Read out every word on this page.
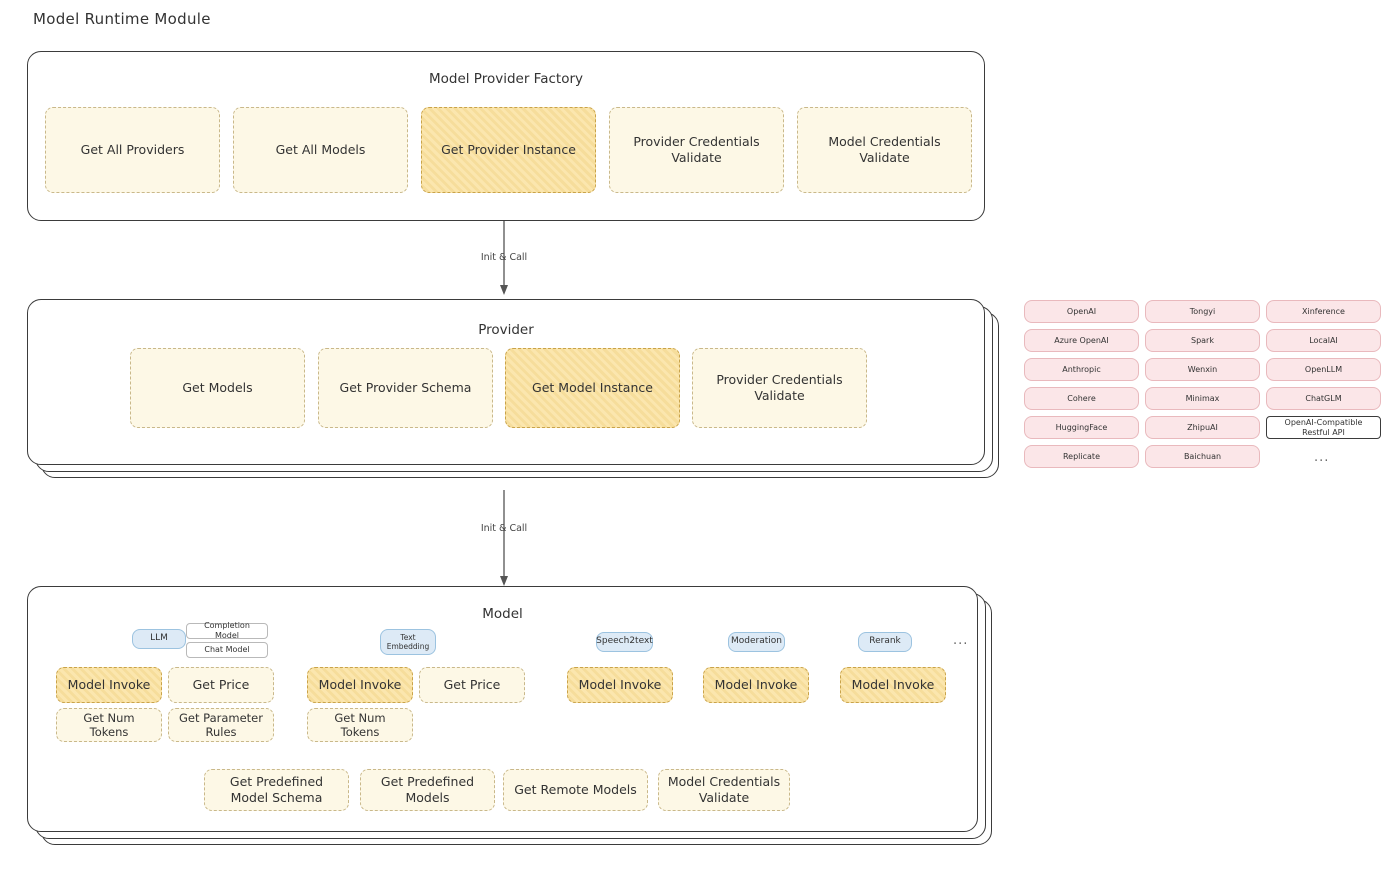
Model Runtime Module
Model Provider Factory
Get All Providers	Get All Models	Get Provider Instance
Provider Credentials Validate
Model Credentials Validate
Init & Call
Provider
Get Models	Get Provider Schema	Get Model Instance
Provider Credentials Validate
OpenAI
Azure OpenAI
Anthropic
Cohere
HuggingFace
Replicate
Tongyi
Spark
Wenxin
Minimax
ZhipuAI
Baichuan
Xinference
LocalAI
OpenLLM
ChatGLM
OpenAI-Compatible Restful API
...
Init & Call
Model
LLM
Completion Model
Chat Model
Text Embedding
Speech2text	Moderation	Rerank	...
Model Invoke	Get Price
Get Num Tokens
Get Parameter Rules
Model Invoke	Get Price
Get Num Tokens
Model Invoke	Model Invoke	Model Invoke
Get Predefined Model Schema
Get Predefined Models
Get Remote Models
Model Credentials Validate
